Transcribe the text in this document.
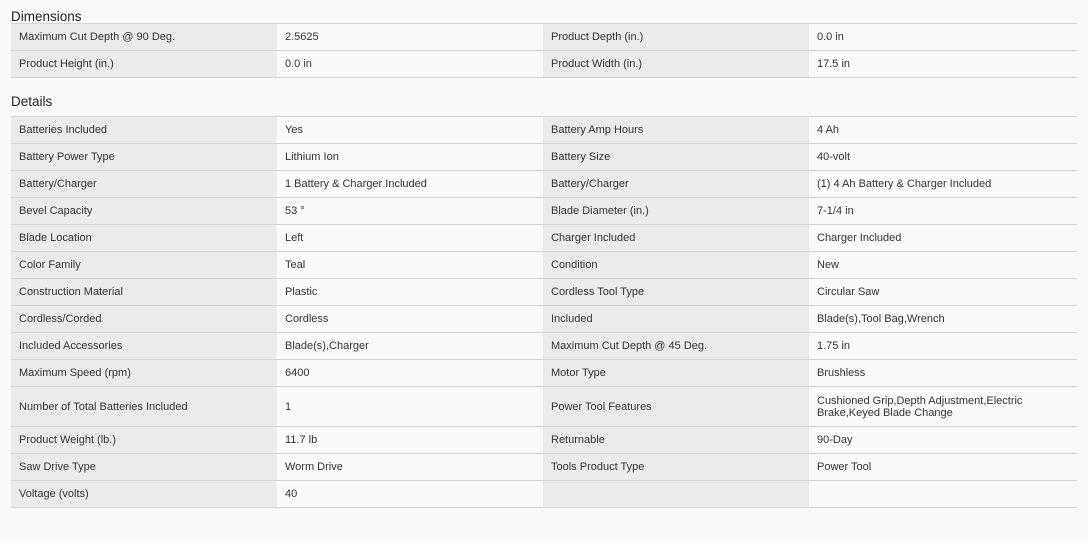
Dimensions
Maximum Cut Depth @ 90 Deg.	2.5625	Product Depth (in.)	0.0 in
Product Height (in.)	0.0 in	Product Width (in.)	17.5 in
Details
Batteries Included	Yes	Battery Amp Hours	4 Ah
Battery Power Type	Lithium Ion	Battery Size	40-volt
Battery/Charger	1 Battery & Charger Included	Battery/Charger	(1) 4 Ah Battery & Charger Included
Bevel Capacity	53 °	Blade Diameter (in.)	7-1/4 in
Blade Location	Left	Charger Included	Charger Included
Color Family	Teal	Condition	New
Construction Material	Plastic	Cordless Tool Type	Circular Saw
Cordless/Corded	Cordless	Included	Blade(s),Tool Bag,Wrench
Included Accessories	Blade(s),Charger	Maximum Cut Depth @ 45 Deg.	1.75 in
Maximum Speed (rpm)	6400	Motor Type	Brushless
Number of Total Batteries Included	1	Power Tool Features	Cushioned Grip,Depth Adjustment,Electric Brake,Keyed Blade Change
Product Weight (lb.)	11.7 lb	Returnable	90-Day
Saw Drive Type	Worm Drive	Tools Product Type	Power Tool
Voltage (volts)	40		
